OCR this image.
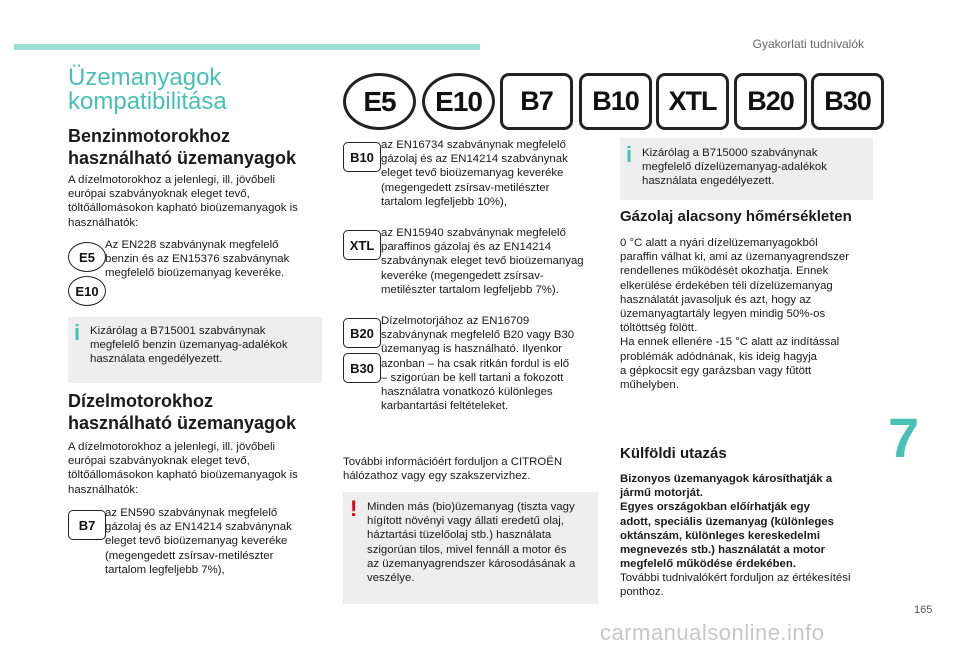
Gyakorlati tudnivalók
Üzemanyagok
kompatibilitása	E5	E10	B7	B10	XTL	B20	B30
Benzinmotorokhoz
használható üzemanyagok
A dízelmotorokhoz a jelenlegi, ill. jövőbeli
európai szabványoknak eleget tevő,
töltőállomásokon kapható bioüzemanyagok is
használhatók:
E5
E10
Az EN228 szabványnak megfelelő
benzin és az EN15376 szabványnak
megfelelő bioüzemanyag keveréke.
i Kizárólag a B715001 szabványnak
megfelelő benzin üzemanyag-adalékok
használata engedélyezett.
Dízelmotorokhoz
használható üzemanyagok
A dízelmotorokhoz a jelenlegi, ill. jövőbeli
európai szabványoknak eleget tevő,
töltőállomásokon kapható bioüzemanyagok is
használhatók:
B7
az EN590 szabványnak megfelelő
gázolaj és az EN14214 szabványnak
eleget tevő bioüzemanyag keveréke
(megengedett zsírsav-metilészter
tartalom legfeljebb 7%),
B10
az EN16734 szabványnak megfelelő
gázolaj és az EN14214 szabványnak
eleget tevő bioüzemanyag keveréke
(megengedett zsírsav-metilészter
tartalom legfeljebb 10%),
XTL
az EN15940 szabványnak megfelelő
paraffinos gázolaj és az EN14214
szabványnak eleget tevő bioüzemanyag
keveréke (megengedett zsírsav-
metilészter tartalom legfeljebb 7%).
B20
B30
Dízelmotorjához az EN16709
szabványnak megfelelő B20 vagy B30
üzemanyag is használható. Ilyenkor
azonban – ha csak ritkán fordul is elő
– szigorúan be kell tartani a fokozott
használatra vonatkozó különleges
karbantartási feltételeket.
További információért forduljon a CITROËN
hálózathoz vagy egy szakszervizhez.
! Minden más (bio)üzemanyag (tiszta vagy
hígított növényi vagy állati eredetű olaj,
háztartási tüzelőolaj stb.) használata
szigorúan tilos, mivel fennáll a motor és
az üzemanyagrendszer károsodásának a
veszélye.
i Kizárólag a B715000 szabványnak
megfelelő dízelüzemanyag-adalékok
használata engedélyezett.
Gázolaj alacsony hőmérsékleten
0 °C alatt a nyári dízelüzemanyagokból
paraffin válhat ki, ami az üzemanyagrendszer
rendellenes működését okozhatja. Ennek
elkerülése érdekében téli dízelüzemanyag
használatát javasoljuk és azt, hogy az
üzemanyagtartály legyen mindig 50%-os
töltöttség fölött.
Ha ennek ellenére -15 °C alatt az indítással
problémák adódnának, kis ideig hagyja
a gépkocsit egy garázsban vagy fűtött
műhelyben.
Külföldi utazás
Bizonyos üzemanyagok károsíthatják a
jármű motorját.
Egyes országokban előírhatják egy
adott, speciális üzemanyag (különleges
oktánszám, különleges kereskedelmi
megnevezés stb.) használatát a motor
megfelelő működése érdekében.
További tudnivalókért forduljon az értékesítési
ponthoz.
7
165
carmanualsonline.info
